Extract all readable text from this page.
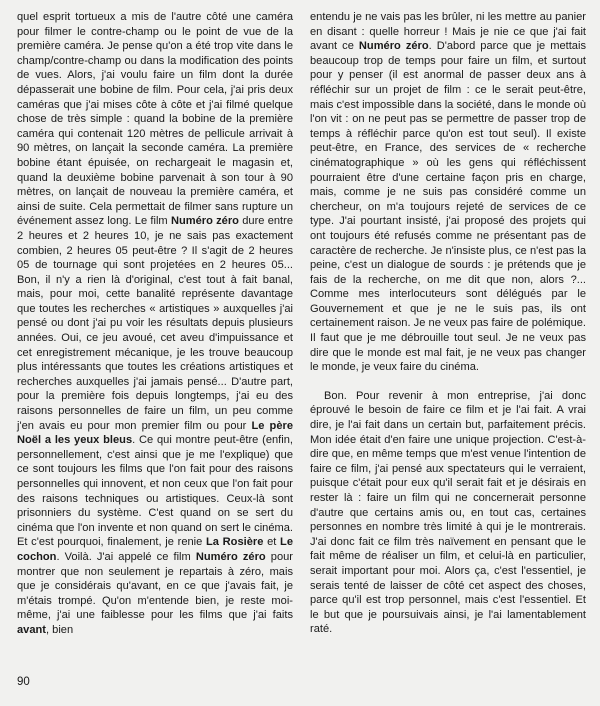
quel esprit tortueux a mis de l'autre côté une caméra pour filmer le contre-champ ou le point de vue de la première caméra. Je pense qu'on a été trop vite dans le champ/contre-champ ou dans la modification des points de vues. Alors, j'ai voulu faire un film dont la durée dépasserait une bobine de film. Pour cela, j'ai pris deux caméras que j'ai mises côte à côte et j'ai filmé quelque chose de très simple : quand la bobine de la première caméra qui contenait 120 mètres de pellicule arrivait à 90 mètres, on lançait la seconde caméra. La première bobine étant épuisée, on rechargeait le magasin et, quand la deuxième bobine parvenait à son tour à 90 mètres, on lançait de nouveau la première caméra, et ainsi de suite. Cela permettait de filmer sans rupture un événement assez long. Le film Numéro zéro dure entre 2 heures et 2 heures 10, je ne sais pas exactement combien, 2 heures 05 peut-être ? Il s'agit de 2 heures 05 de tournage qui sont projetées en 2 heures 05... Bon, il n'y a rien là d'original, c'est tout à fait banal, mais, pour moi, cette banalité représente davantage que toutes les recherches « artistiques » auxquelles j'ai pensé ou dont j'ai pu voir les résultats depuis plusieurs années. Oui, ce jeu avoué, cet aveu d'impuissance et cet enregistrement mécanique, je les trouve beaucoup plus intéressants que toutes les créations artistiques et recherches auxquelles j'ai jamais pensé... D'autre part, pour la première fois depuis longtemps, j'ai eu des raisons personnelles de faire un film, un peu comme j'en avais eu pour mon premier film ou pour Le père Noël a les yeux bleus. Ce qui montre peut-être (enfin, personnellement, c'est ainsi que je me l'explique) que ce sont toujours les films que l'on fait pour des raisons personnelles qui innovent, et non ceux que l'on fait pour des raisons techniques ou artistiques. Ceux-là sont prisonniers du système. C'est quand on se sert du cinéma que l'on invente et non quand on sert le cinéma. Et c'est pourquoi, finalement, je renie La Rosière et Le cochon. Voilà. J'ai appelé ce film Numéro zéro pour montrer que non seulement je repartais à zéro, mais que je considérais qu'avant, en ce que j'avais fait, je m'étais trompé. Qu'on m'entende bien, je reste moi-même, j'ai une faiblesse pour les films que j'ai faits avant, bien

entendu je ne vais pas les brûler, ni les mettre au panier en disant : quelle horreur ! Mais je nie ce que j'ai fait avant ce Numéro zéro. D'abord parce que je mettais beaucoup trop de temps pour faire un film, et surtout pour y penser (il est anormal de passer deux ans à réfléchir sur un projet de film : ce le serait peut-être, mais c'est impossible dans la société, dans le monde où l'on vit : on ne peut pas se permettre de passer trop de temps à réfléchir parce qu'on est tout seul). Il existe peut-être, en France, des services de « recherche cinématographique » où les gens qui réfléchissent pourraient être d'une certaine façon pris en charge, mais, comme je ne suis pas considéré comme un chercheur, on m'a toujours rejeté de services de ce type. J'ai pourtant insisté, j'ai proposé des projets qui ont toujours été refusés comme ne présentant pas de caractère de recherche. Je n'insiste plus, ce n'est pas la peine, c'est un dialogue de sourds : je prétends que je fais de la recherche, on me dit que non, alors ?... Comme mes interlocuteurs sont délégués par le Gouvernement et que je ne le suis pas, ils ont certainement raison. Je ne veux pas faire de polémique. Il faut que je me débrouille tout seul. Je ne veux pas dire que le monde est mal fait, je ne veux pas changer le monde, je veux faire du cinéma.

Bon. Pour revenir à mon entreprise, j'ai donc éprouvé le besoin de faire ce film et je l'ai fait. A vrai dire, je l'ai fait dans un certain but, parfaitement précis. Mon idée était d'en faire une unique projection. C'est-à-dire que, en même temps que m'est venue l'intention de faire ce film, j'ai pensé aux spectateurs qui le verraient, puisque c'était pour eux qu'il serait fait et je désirais en rester là : faire un film qui ne concernerait personne d'autre que certains amis ou, en tout cas, certaines personnes en nombre très limité à qui je le montrerais. J'ai donc fait ce film très naïvement en pensant que le fait même de réaliser un film, et celui-là en particulier, serait important pour moi. Alors ça, c'est l'essentiel, je serais tenté de laisser de côté cet aspect des choses, parce qu'il est trop personnel, mais c'est l'essentiel. Et le but que je poursuivais ainsi, je l'ai lamentablement raté.

90
